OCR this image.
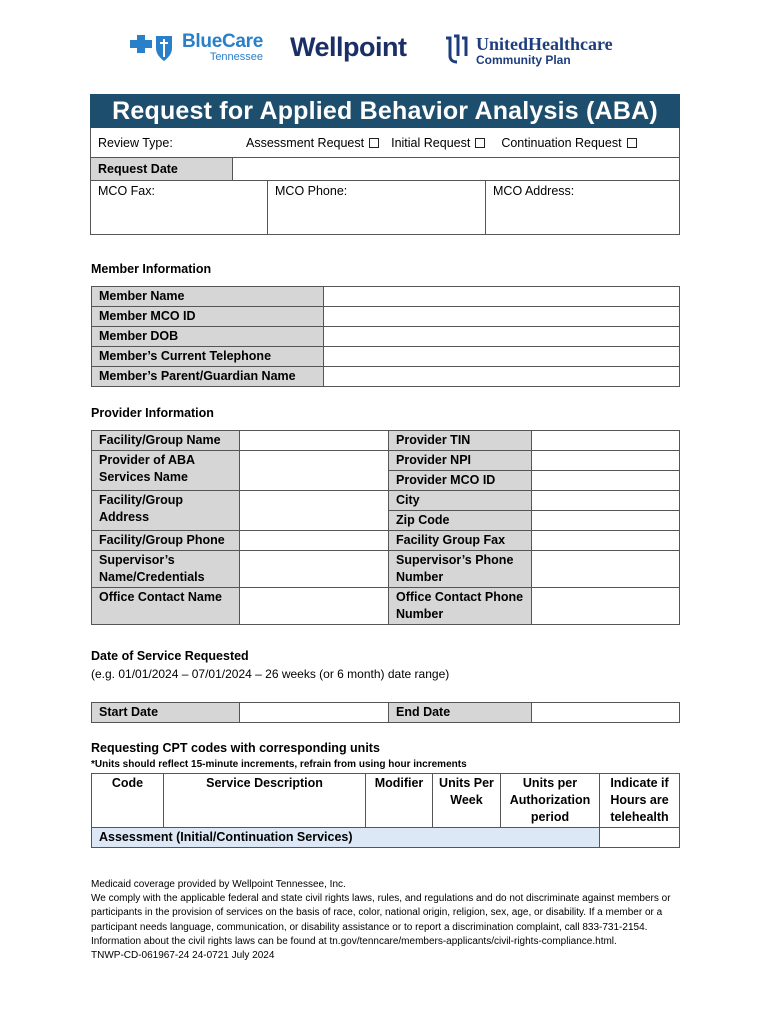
BlueCare
Tennessee Wellpoint	UnitedHealthcare
Community Plan
Request for Applied Behavior Analysis (ABA)
Review Type:	Assessment Request Initial Request Continuation Request
Request Date
MCO Fax:	MCO Phone:	MCO Address:
Member Information
Member Name	
Member MCO ID	
Member DOB	
Member’s Current Telephone	
Member’s Parent/Guardian Name	
Provider Information
Facility/Group Name		Provider TIN	
Provider of ABA Services Name		Provider NPI	
		Provider MCO ID	
Facility/Group Address		City	
		Zip Code	
Facility/Group Phone		Facility Group Fax	
Supervisor’s Name/Credentials		Supervisor’s Phone Number	
Office Contact Name		Office Contact Phone Number	
Date of Service Requested
(e.g. 01/01/2024 – 07/01/2024 – 26 weeks (or 6 month) date range)
Start Date		End Date	
Requesting CPT codes with corresponding units
*Units should reflect 15-minute increments, refrain from using hour increments
Code	Service Description	Modifier	Units Per Week	Units per Authorization period	Indicate if Hours are telehealth
Assessment (Initial/Continuation Services)					
Medicaid coverage provided by Wellpoint Tennessee, Inc.
We comply with the applicable federal and state civil rights laws, rules, and regulations and do not discriminate against members or participants in the provision of services on the basis of race, color, national origin, religion, sex, age, or disability. If a member or a participant needs language, communication, or disability assistance or to report a discrimination complaint, call 833-731-2154. Information about the civil rights laws can be found at tn.gov/tenncare/members-applicants/civil-rights-compliance.html.
TNWP-CD-061967-24 24-0721 July 2024
